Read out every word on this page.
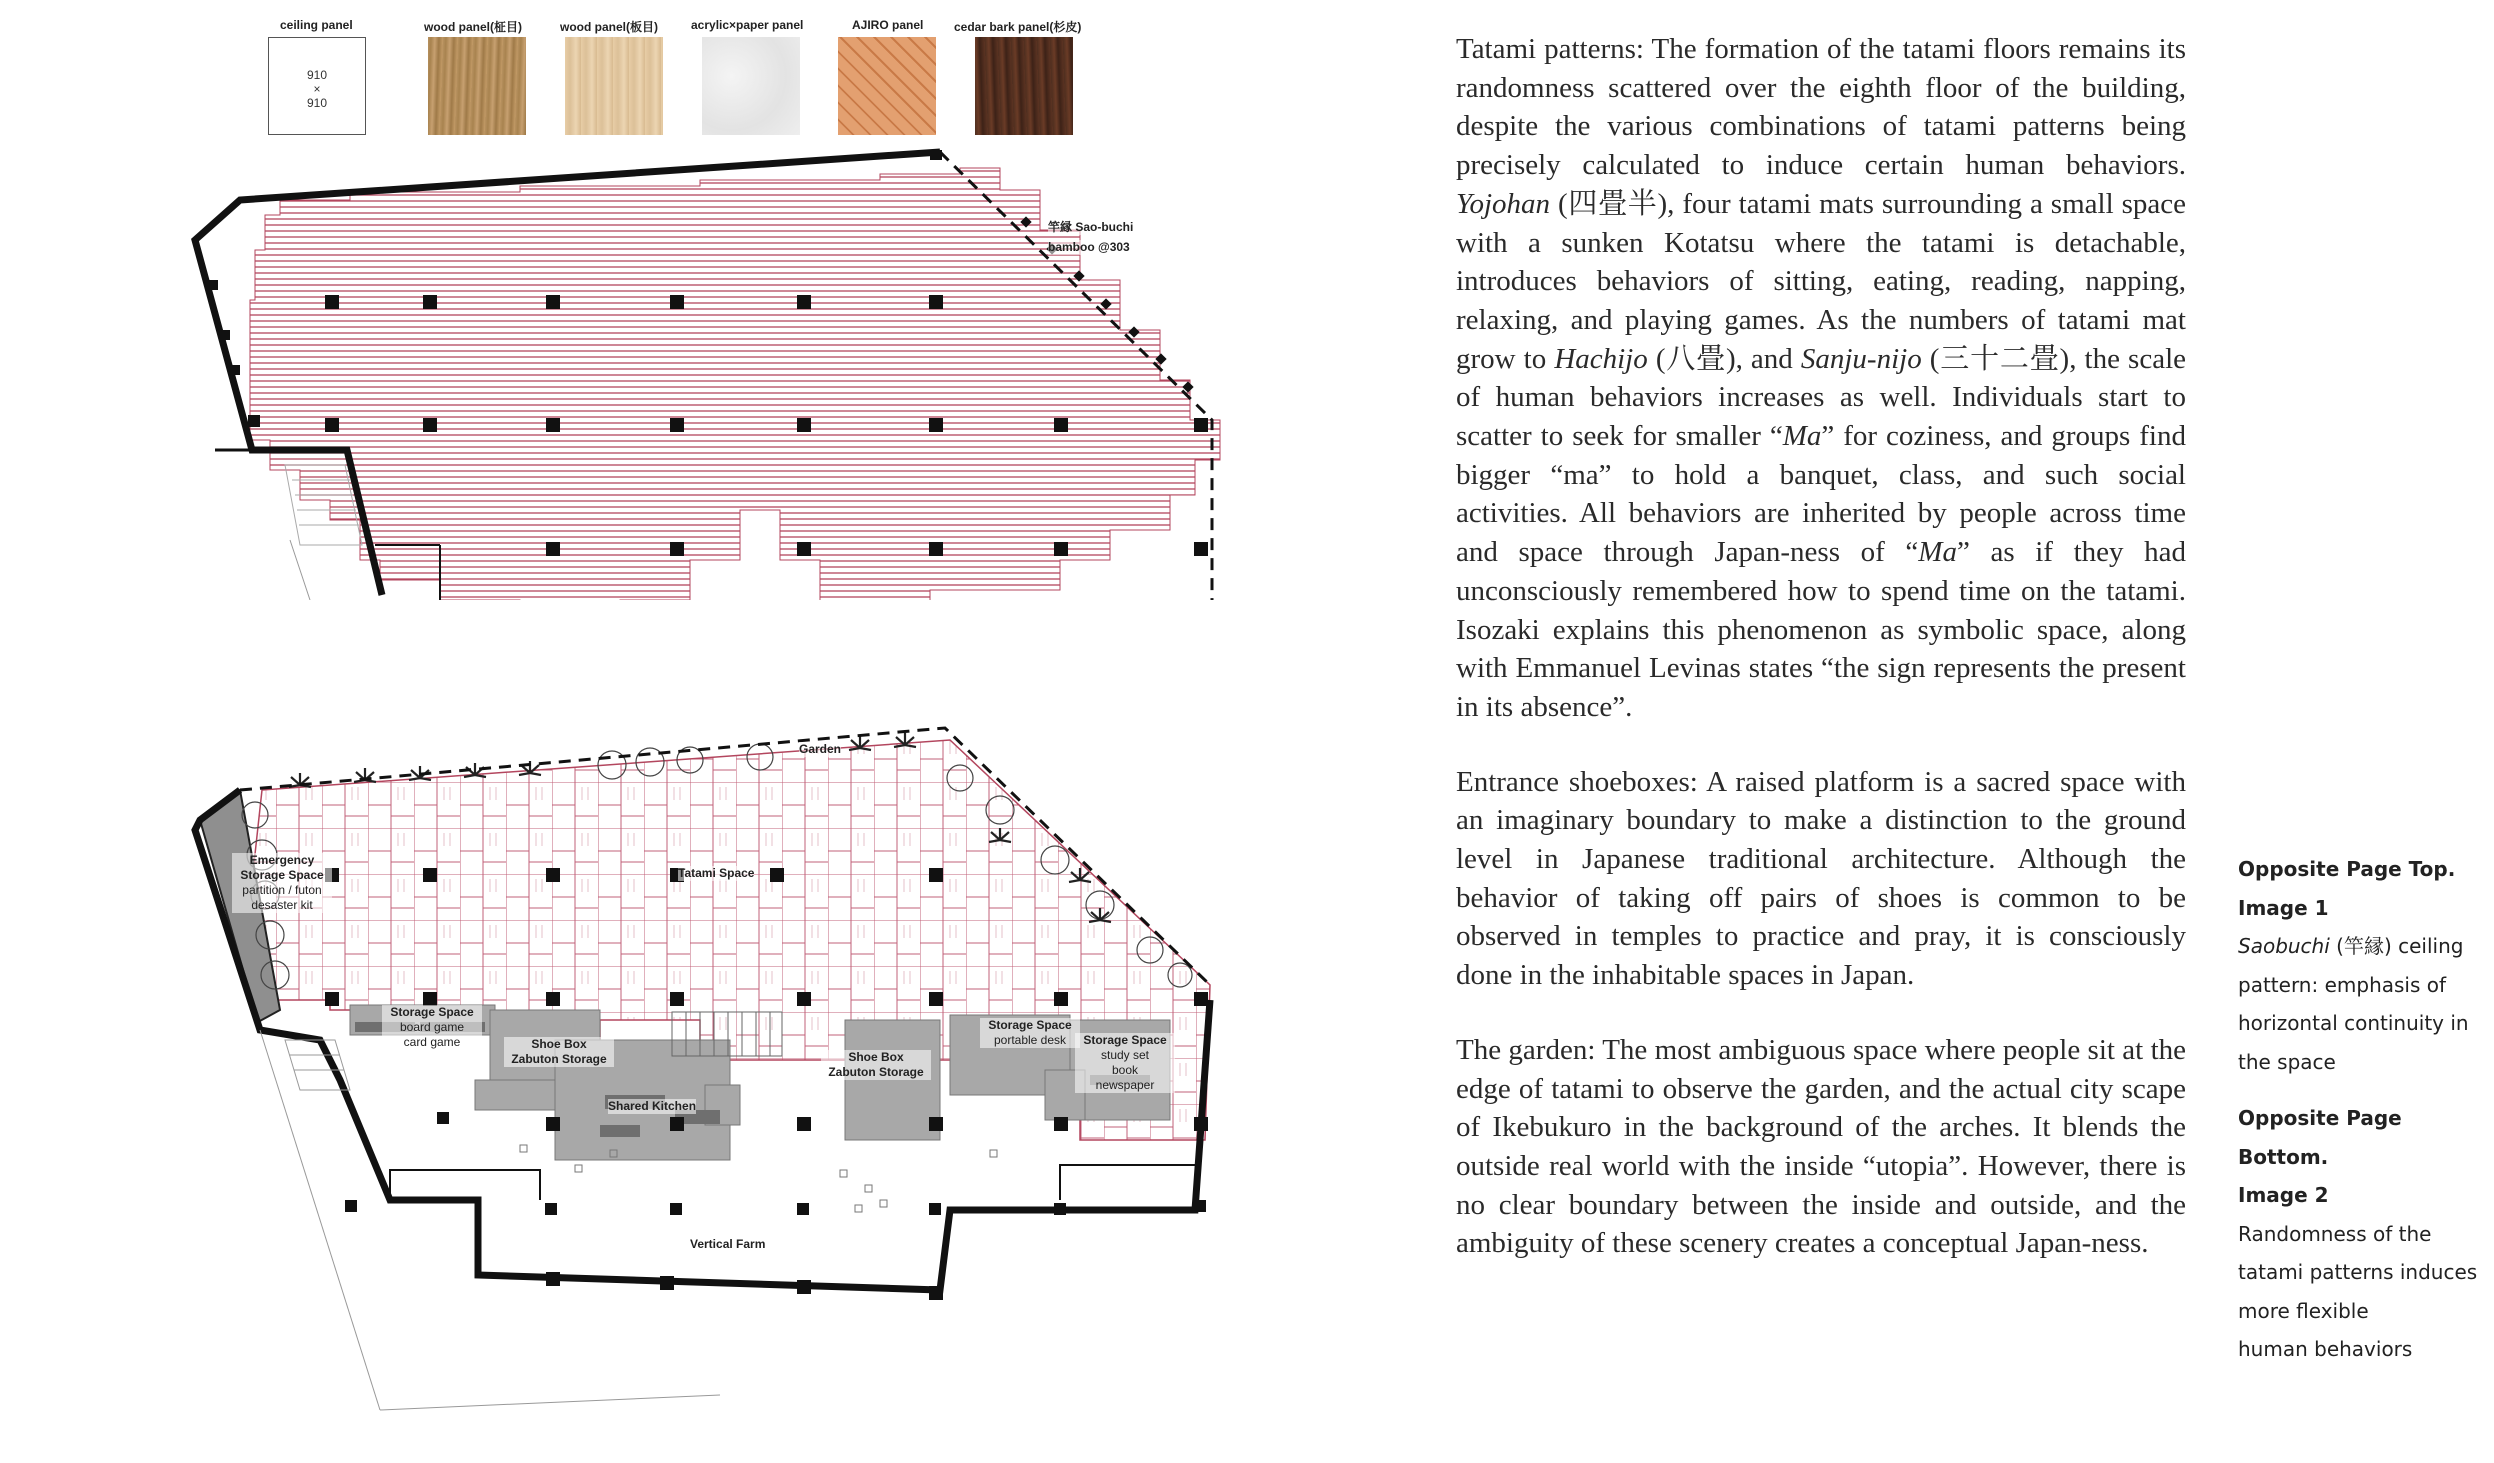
ceiling panel
910
×
910
wood panel(柾目)	wood panel(板目)	acrylic×paper panel	AJIRO panel	cedar bark panel(杉皮)
竿縁 Sao-buchi
bamboo @303
Garden
Tatami Space
Emergency
Storage Space
partition / futon
desaster kit
Storage Space
board game
card game	Shoe Box
Zabuton Storage
Shared Kitchen
Shoe Box
Zabuton Storage
Storage Space
portable desk	Storage Space
study set
book
newspaper
Vertical Farm

Tatami patterns: The formation of the tatami floors remains its randomness scattered over the eighth floor of the building, despite the various combinations of tatami patterns being precisely calculated to induce certain human behaviors. Yojohan (四畳半), four tatami mats surrounding a small space with a sunken Kotatsu where the tatami is detachable, introduces behaviors of sitting, eating, reading, napping, relaxing, and playing games. As the numbers of tatami mat grow to Hachijo (八畳), and Sanju-nijo (三十二畳), the scale of human behaviors increases as well. Individuals start to scatter to seek for smaller “Ma” for coziness, and groups find bigger “ma” to hold a banquet, class, and such social activities. All behaviors are inherited by people across time and space through Japan-ness of “Ma” as if they had unconsciously remembered how to spend time on the tatami. Isozaki explains this phenomenon as symbolic space, along with Emmanuel Levinas states “the sign represents the present in its absence”.

Entrance shoeboxes: A raised platform is a sacred space with an imaginary boundary to make a distinction to the ground level in Japanese traditional architecture. Although the behavior of taking off pairs of shoes is common to be observed in temples to practice and pray, it is consciously done in the inhabitable spaces in Japan.

The garden: The most ambiguous space where people sit at the edge of tatami to observe the garden, and the actual city scape of Ikebukuro in the background of the arches. It blends the outside real world with the inside “utopia”. However, there is no clear boundary between the inside and outside, and the ambiguity of these scenery creates a conceptual Japan-ness.

Opposite Page Top.
Image 1
Saobuchi (竿縁) ceiling
pattern: emphasis of
horizontal continuity in
the space
Opposite Page Bottom.
Image 2
Randomness of the
tatami patterns induces
more flexible
human behaviors
